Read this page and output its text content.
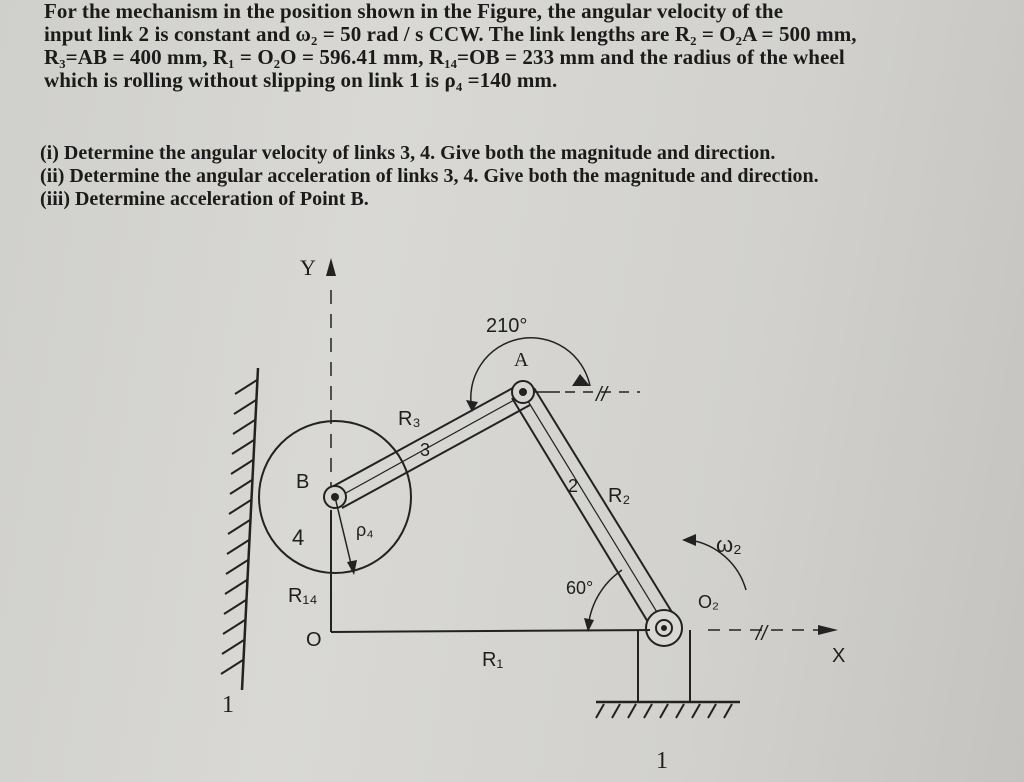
For the mechanism in the position shown in the Figure, the angular velocity of the

input link 2 is constant and ω₂ = 50 rad / s CCW. The link lengths are R₂ = O₂A = 500 mm,

R₃=AB = 400 mm, R₁ = O₂O = 596.41 mm, R₁₄=OB = 233 mm and the radius of the wheel

which is rolling without slipping on link 1 is ρ₄ =140 mm.

(i) Determine the angular velocity of links 3, 4. Give both the magnitude and direction.

(ii) Determine the angular acceleration of links 3, 4. Give both the magnitude and direction.

(iii) Determine acceleration of Point B.

Y
1
1
X
//
//
210°
A
R₃
3
2 R₂
B
4	ρ₄
R₁₄
O
R₁
60°
ω₂
O₂
